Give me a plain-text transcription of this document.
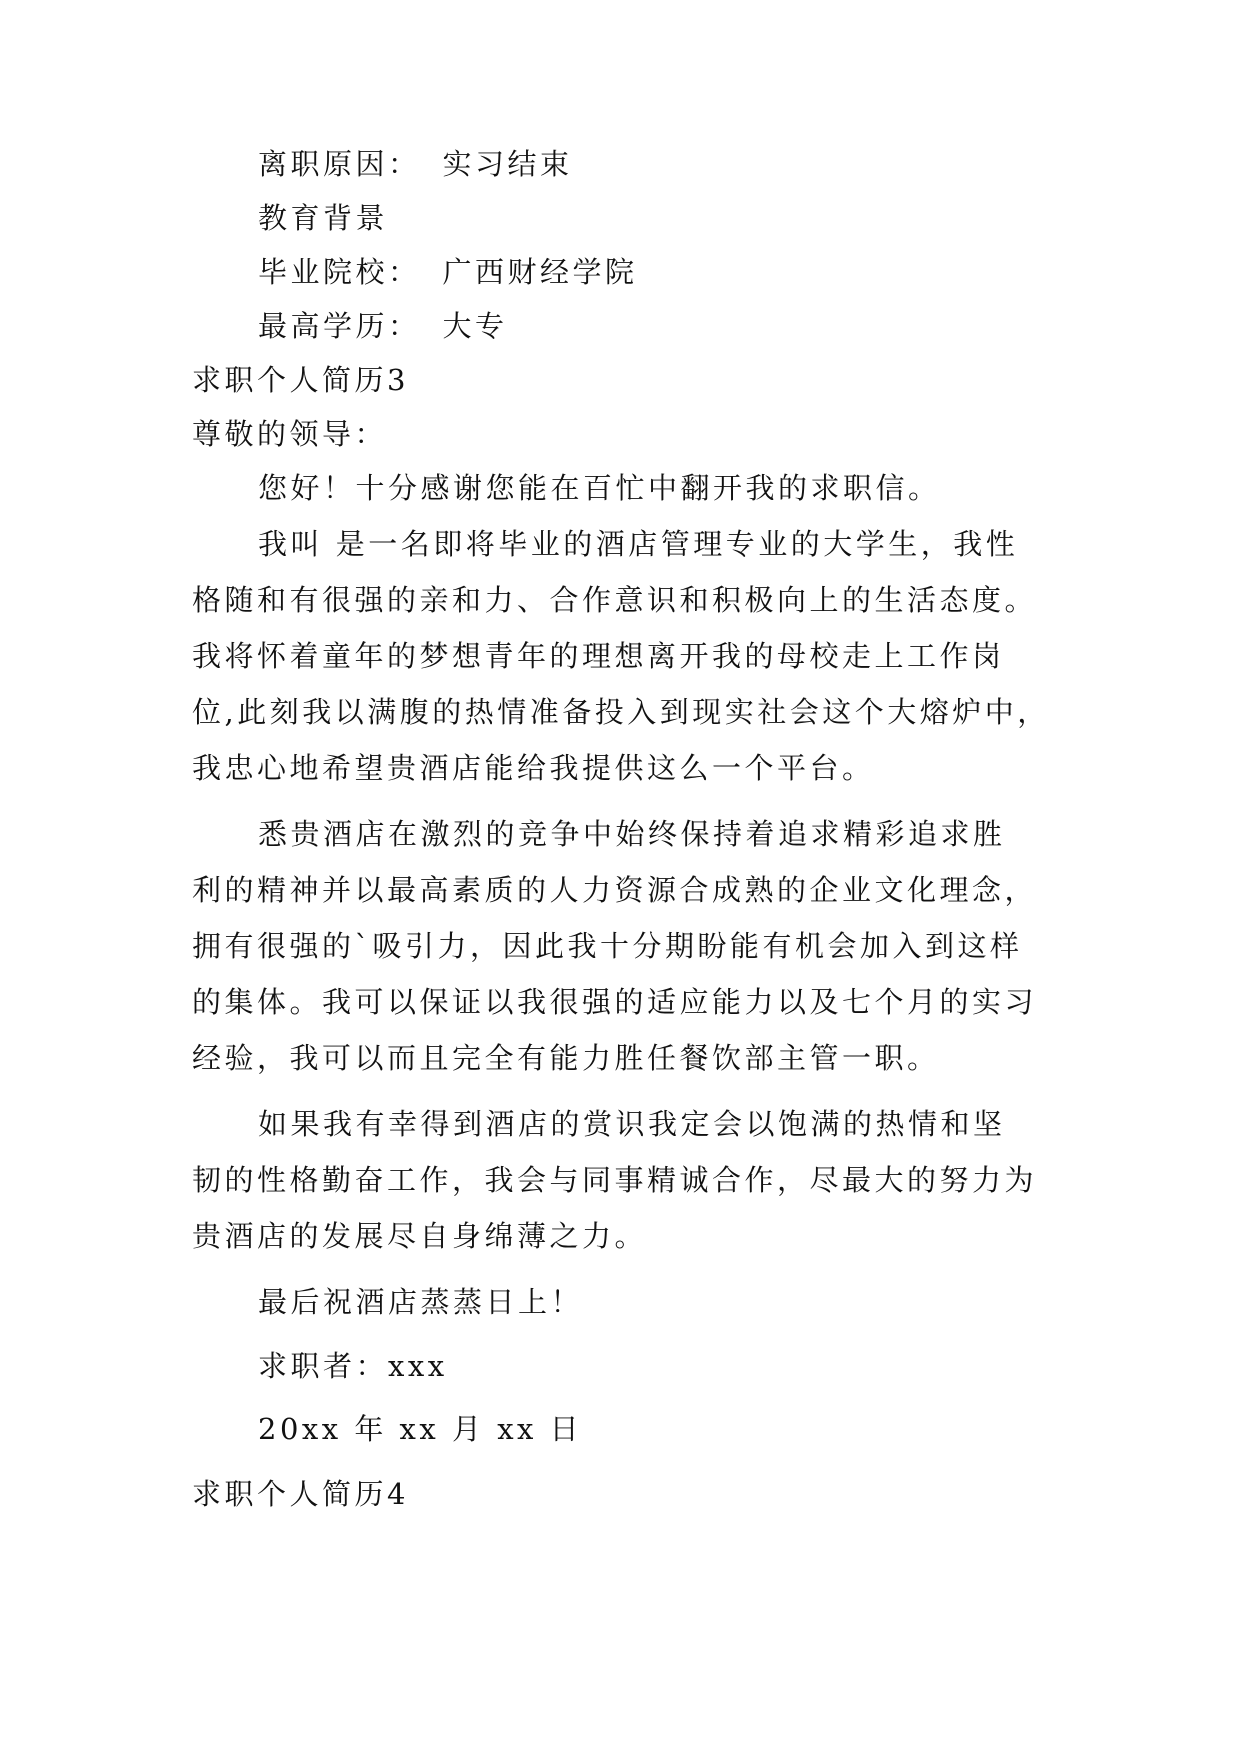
离职原因： 实习结束
教育背景
毕业院校： 广西财经学院
最高学历： 大专
求职个人简历3
尊敬的领导：
您好！十分感谢您能在百忙中翻开我的求职信。
我叫 是一名即将毕业的酒店管理专业的大学生，我性
格随和有很强的亲和力、合作意识和积极向上的生活态度。
我将怀着童年的梦想青年的理想离开我的母校走上工作岗
位,此刻我以满腹的热情准备投入到现实社会这个大熔炉中，
我忠心地希望贵酒店能给我提供这么一个平台。
悉贵酒店在激烈的竞争中始终保持着追求精彩追求胜
利的精神并以最高素质的人力资源合成熟的企业文化理念，
拥有很强的`吸引力，因此我十分期盼能有机会加入到这样
的集体。我可以保证以我很强的适应能力以及七个月的实习
经验，我可以而且完全有能力胜任餐饮部主管一职。
如果我有幸得到酒店的赏识我定会以饱满的热情和坚
韧的性格勤奋工作，我会与同事精诚合作，尽最大的努力为
贵酒店的发展尽自身绵薄之力。
最后祝酒店蒸蒸日上！
求职者：xxx
20xx 年 xx 月 xx 日
求职个人简历4
